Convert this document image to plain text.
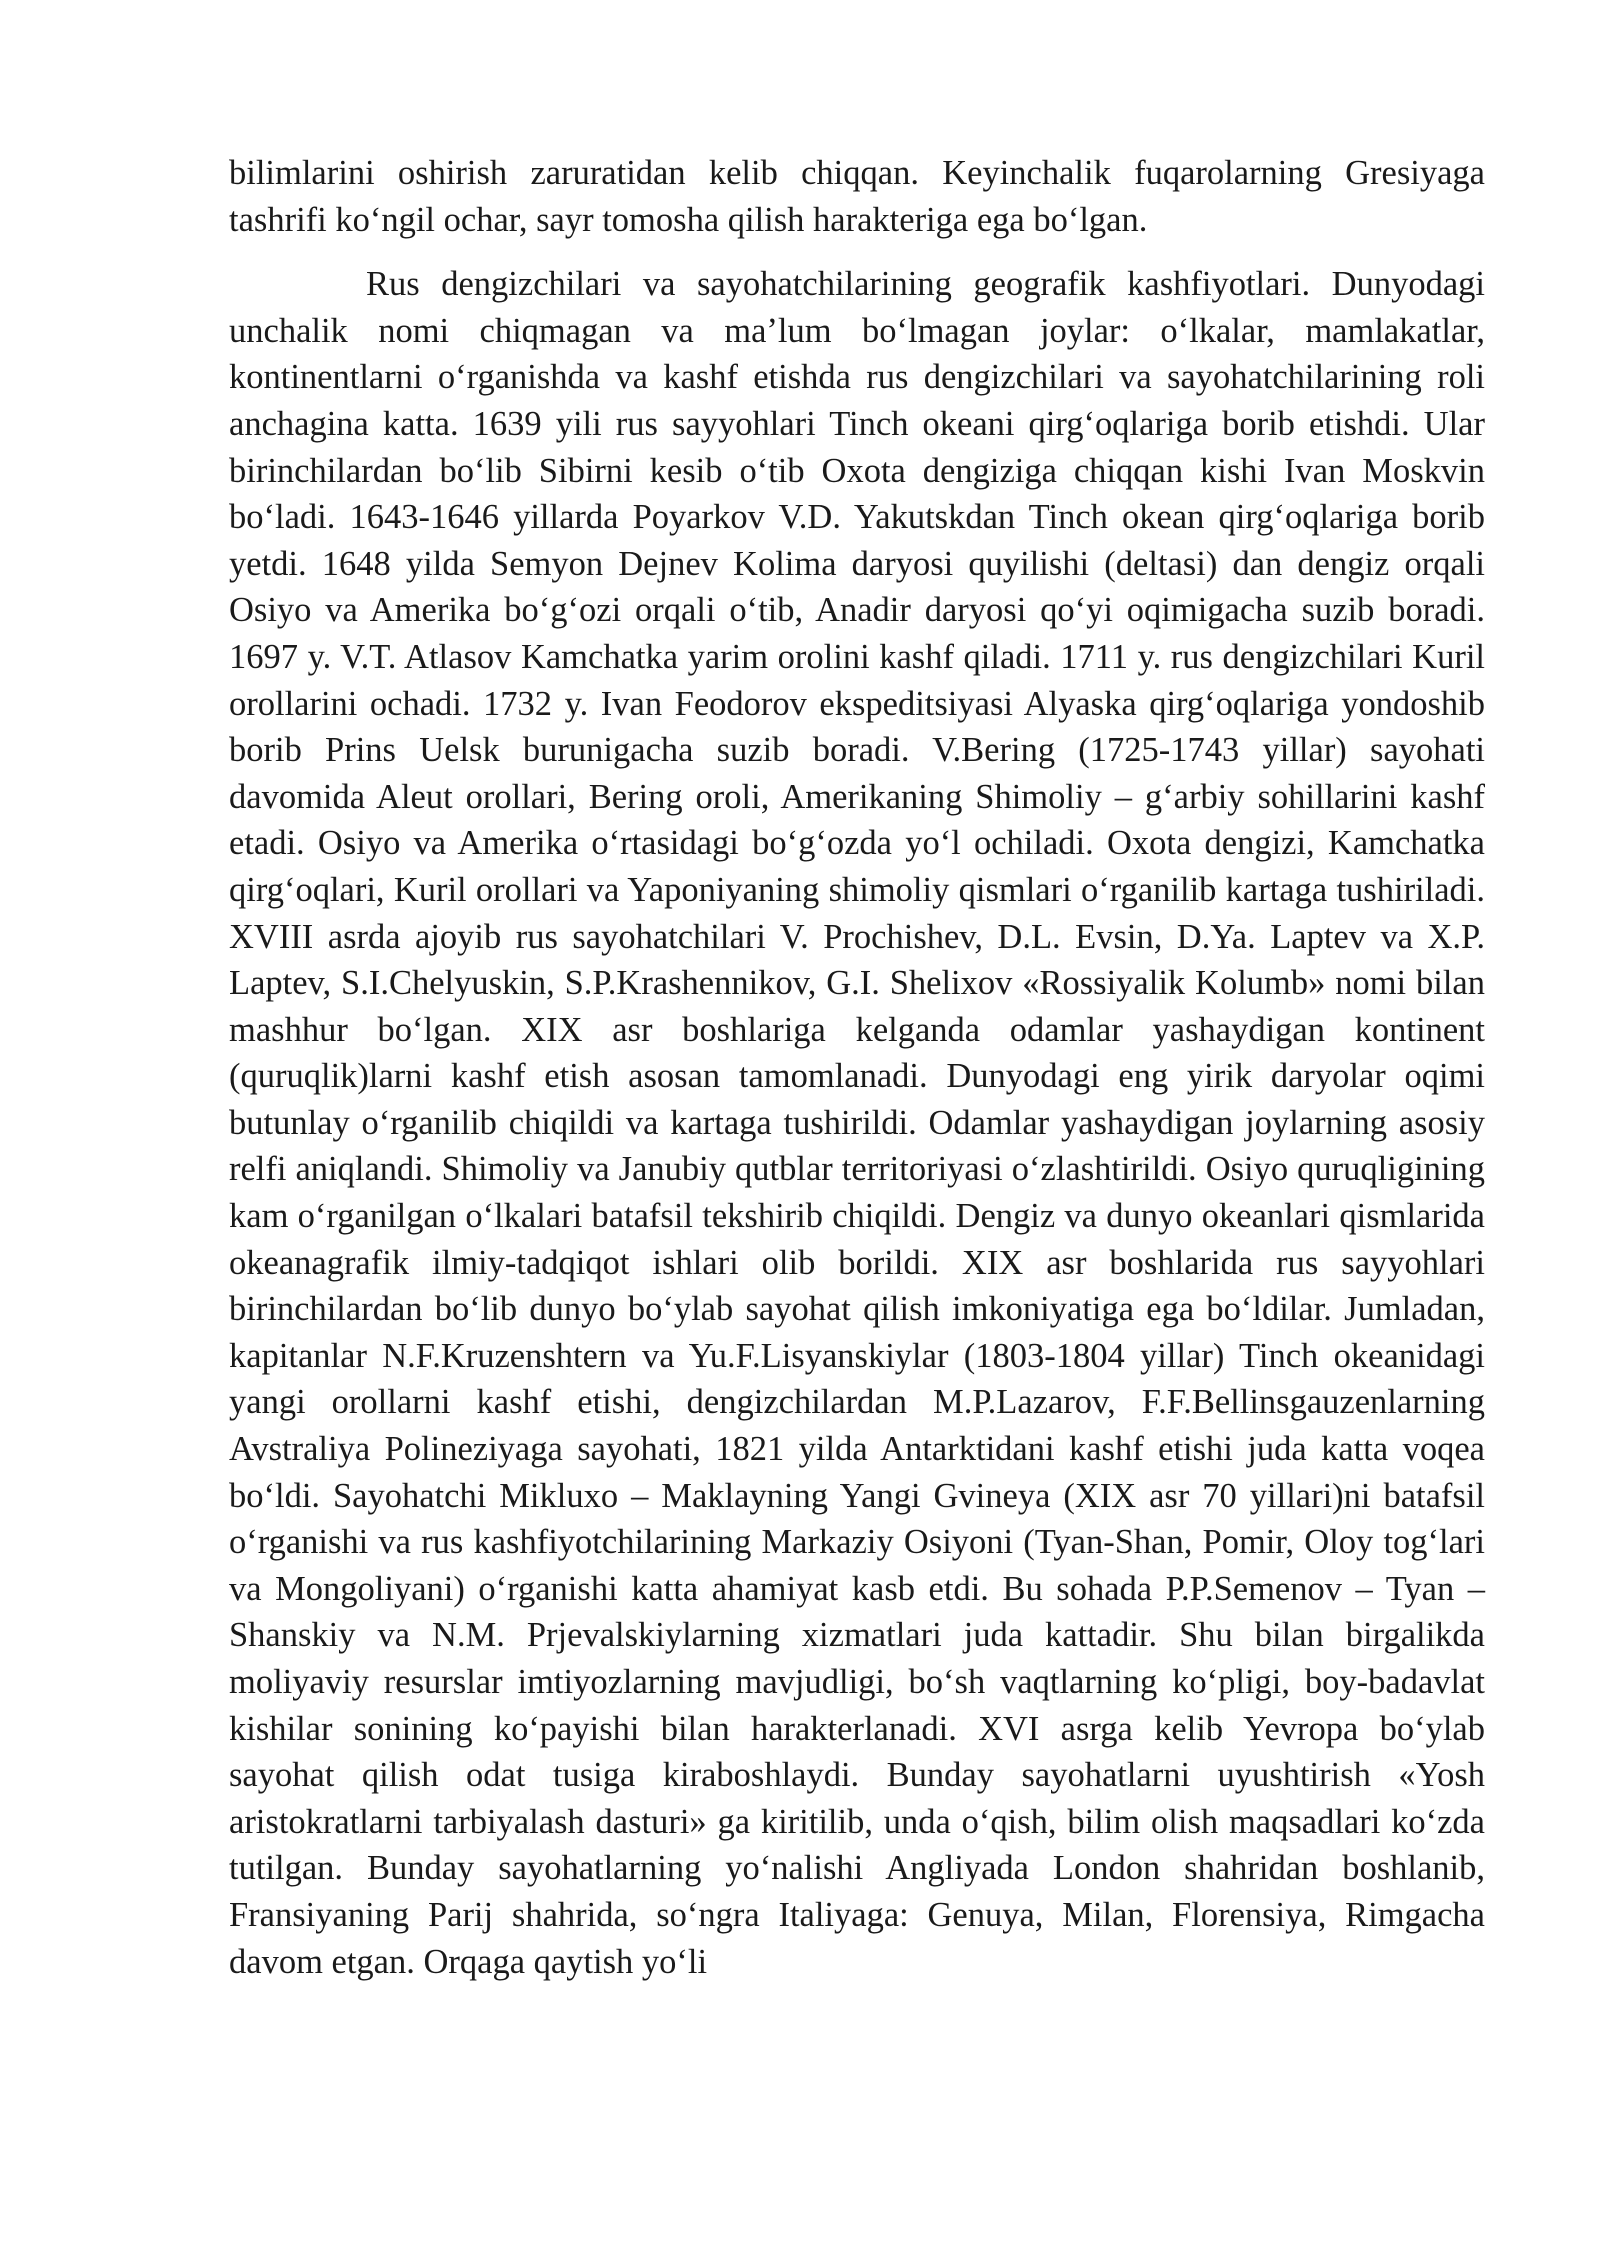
bilimlarini oshirish zaruratidan kelib chiqqan. Keyinchalik fuqarolarning Gresiyaga tashrifi koʻngil ochar, sayr tomosha qilish harakteriga ega boʻlgan.

Rus dengizchilari va sayohatchilarining geografik kashfiyotlari. Dunyodagi unchalik nomi chiqmagan va maʼlum boʻlmagan joylar: oʻlkalar, mamlakatlar, kontinentlarni oʻrganishda va kashf etishda rus dengizchilari va sayohatchilarining roli anchagina katta. 1639 yili rus sayyohlari Tinch okeani qirgʻoqlariga borib etishdi. Ular birinchilardan boʻlib Sibirni kesib oʻtib Oxota dengiziga chiqqan kishi Ivan Moskvin boʻladi. 1643-1646 yillarda Poyarkov V.D. Yakutskdan Tinch okean qirgʻoqlariga borib yetdi. 1648 yilda Semyon Dejnev Kolima daryosi quyilishi (deltasi) dan dengiz orqali Osiyo va Amerika boʻgʻozi orqali oʻtib, Anadir daryosi qoʻyi oqimigacha suzib boradi. 1697 y. V.T. Atlasov Kamchatka yarim orolini kashf qiladi. 1711 y. rus dengizchilari Kuril orollarini ochadi. 1732 y. Ivan Feodorov ekspeditsiyasi Alyaska qirgʻoqlariga yondoshib borib Prins Uelsk burunigacha suzib boradi. V.Bering (1725-1743 yillar) sayohati davomida Aleut orollari, Bering oroli, Amerikaning Shimoliy – gʻarbiy sohillarini kashf etadi. Osiyo va Amerika oʻrtasidagi boʻgʻozda yoʻl ochiladi. Oxota dengizi, Kamchatka qirgʻoqlari, Kuril orollari va Yaponiyaning shimoliy qismlari oʻrganilib kartaga tushiriladi. XVIII asrda ajoyib rus sayohatchilari V. Prochishev, D.L. Evsin, D.Ya. Laptev va X.P. Laptev, S.I.Chelyuskin, S.P.Krashennikov, G.I. Shelixov «Rossiyalik Kolumb» nomi bilan mashhur boʻlgan. XIX asr boshlariga kelganda odamlar yashaydigan kontinent (quruqlik)larni kashf etish asosan tamomlanadi. Dunyodagi eng yirik daryolar oqimi butunlay oʻrganilib chiqildi va kartaga tushirildi. Odamlar yashaydigan joylarning asosiy relfi aniqlandi. Shimoliy va Janubiy qutblar territoriyasi oʻzlashtirildi. Osiyo quruqligining kam oʻrganilgan oʻlkalari batafsil tekshirib chiqildi. Dengiz va dunyo okeanlari qismlarida okeanagrafik ilmiy-tadqiqot ishlari olib borildi. XIX asr boshlarida rus sayyohlari birinchilardan boʻlib dunyo boʻylab sayohat qilish imkoniyatiga ega boʻldilar. Jumladan, kapitanlar N.F.Kruzenshtern va Yu.F.Lisyanskiylar (1803-1804 yillar) Tinch okeanidagi yangi orollarni kashf etishi, dengizchilardan M.P.Lazarov, F.F.Bellinsgauzenlarning Avstraliya Polineziyaga sayohati, 1821 yilda Antarktidani kashf etishi juda katta voqea boʻldi. Sayohatchi Mikluxo – Maklayning Yangi Gvineya (XIX asr 70 yillari)ni batafsil oʻrganishi va rus kashfiyotchilarining Markaziy Osiyoni (Tyan-Shan, Pomir, Oloy togʻlari va Mongoliyani) oʻrganishi katta ahamiyat kasb etdi. Bu sohada P.P.Semenov – Tyan – Shanskiy va N.M. Prjevalskiylarning xizmatlari juda kattadir. Shu bilan birgalikda moliyaviy resurslar imtiyozlarning mavjudligi, boʻsh vaqtlarning koʻpligi, boy-badavlat kishilar sonining koʻpayishi bilan harakterlanadi. XVI asrga kelib Yevropa boʻylab sayohat qilish odat tusiga kiraboshlaydi. Bunday sayohatlarni uyushtirish «Yosh aristokratlarni tarbiyalash dasturi» ga kiritilib, unda oʻqish, bilim olish maqsadlari koʻzda tutilgan. Bunday sayohatlarning yoʻnalishi Angliyada London shahridan boshlanib, Fransiyaning Parij shahrida, soʻngra Italiyaga: Genuya, Milan, Florensiya, Rimgacha davom etgan. Orqaga qaytish yoʻli
